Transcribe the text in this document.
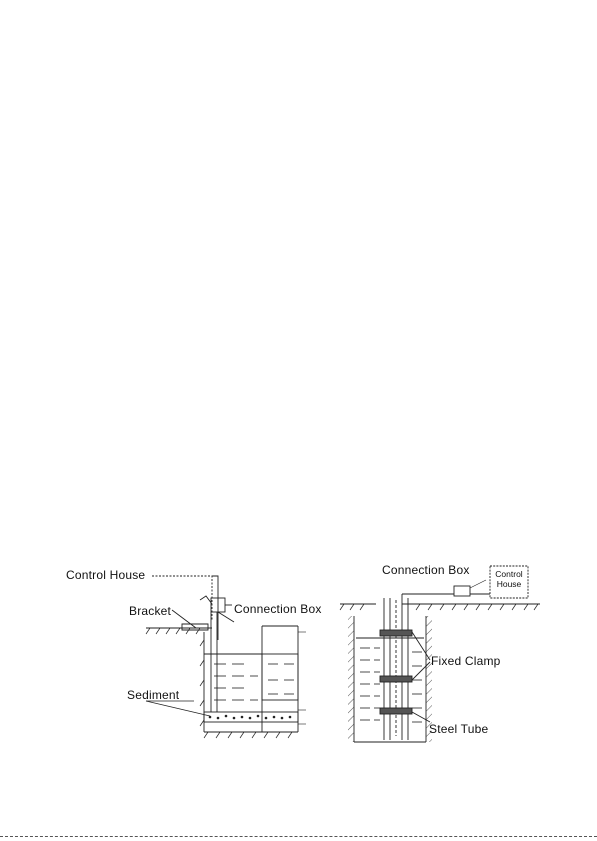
Control House
Bracket	Connection Box
Sediment
Connection Box	Control
House
Fixed Clamp
Steel Tube
